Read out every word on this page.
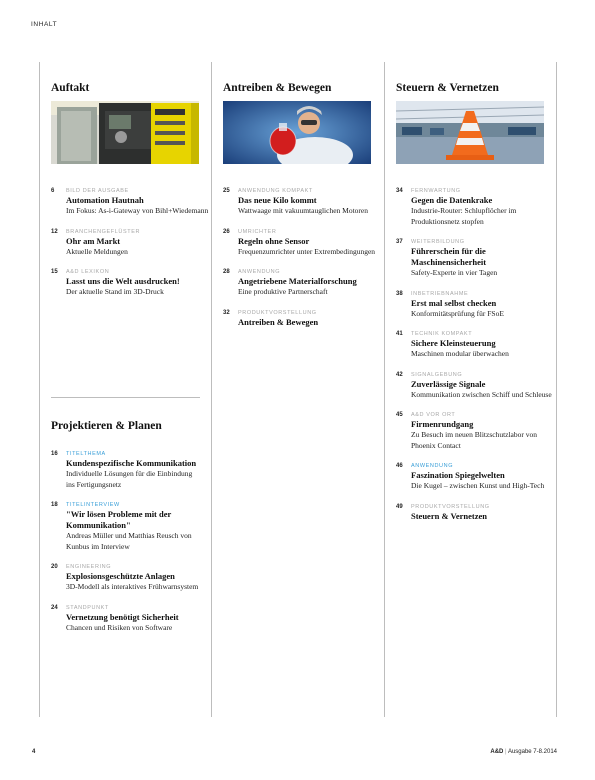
INHALT
Auftakt
6 BILD DER AUSGABE
Automation Hautnah
Im Fokus: As-i-Gateway von Bihl+Wiedemann
12 BRANCHENGEFLÜSTER
Ohr am Markt
Aktuelle Meldungen
15 A&D LEXIKON
Lasst uns die Welt ausdrucken!
Der aktuelle Stand im 3D-Druck
Projektieren & Planen
16 TITELTHEMA
Kundenspezifische Kommunikation
Individuelle Lösungen für die Einbindung ins Fertigungsnetz
18 TITELINTERVIEW
"Wir lösen Probleme mit der Kommunikation"
Andreas Müller und Matthias Reusch von Kunbus im Interview
20 ENGINEERING
Explosionsgeschützte Anlagen
3D-Modell als interaktives Frühwarnsystem
24 STANDPUNKT
Vernetzung benötigt Sicherheit
Chancen und Risiken von Software
Antreiben & Bewegen
25 ANWENDUNG KOMPAKT
Das neue Kilo kommt
Wattwaage mit vakuumtauglichen Motoren
26 UMRICHTER
Regeln ohne Sensor
Frequenzumrichter unter Extrembedingungen
28 ANWENDUNG
Angetriebene Materialforschung
Eine produktive Partnerschaft
32 PRODUKTVORSTELLUNG
Antreiben & Bewegen
Steuern & Vernetzen
34 FERNWARTUNG
Gegen die Datenkrake
Industrie-Router: Schlupflöcher im Produktionsnetz stopfen
37 WEITERBILDUNG
Führerschein für die Maschinensicherheit
Safety-Experte in vier Tagen
38 INBETRIEBNAHME
Erst mal selbst checken
Konformitätsprüfung für FSoE
41 TECHNIK KOMPAKT
Sichere Kleinsteuerung
Maschinen modular überwachen
42 SIGNALGEBUNG
Zuverlässige Signale
Kommunikation zwischen Schiff und Schleuse
45 A&D VOR ORT
Firmenrundgang
Zu Besuch im neuen Blitzschutzlabor von Phoenix Contact
46 ANWENDUNG
Faszination Spiegelwelten
Die Kugel – zwischen Kunst und High-Tech
49 PRODUKTVORSTELLUNG
Steuern & Vernetzen
4	A&D | Ausgabe 7-8.2014
